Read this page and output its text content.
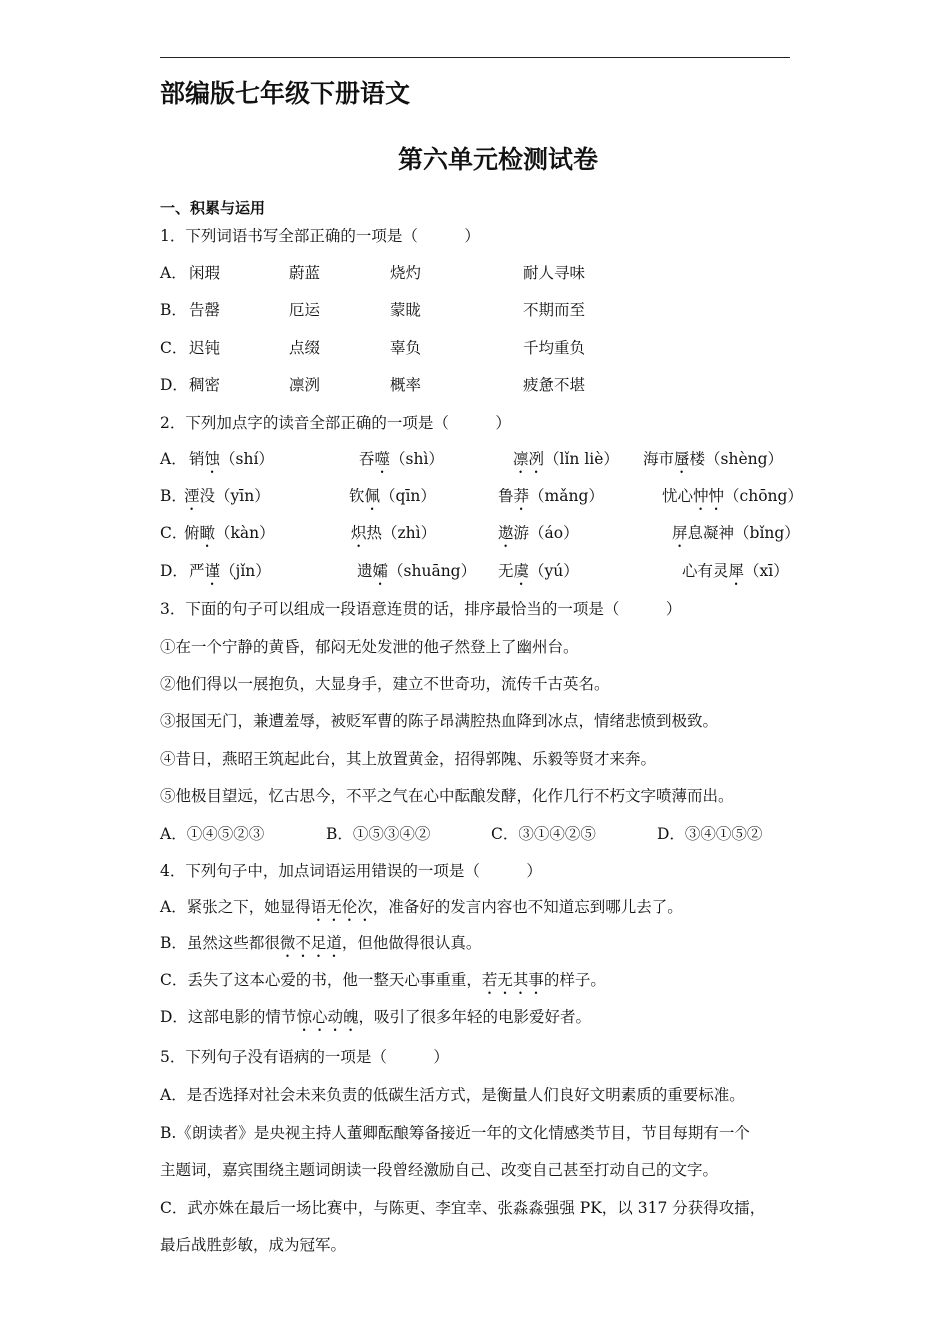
部编版七年级下册语文
第六单元检测试卷
一、积累与运用
1．下列词语书写全部正确的一项是（　　　）
A． 闲瑕	蔚蓝	烧灼	耐人寻味
B． 告罄	厄运	蒙眬	不期而至
C． 迟钝	点缀	辜负	千均重负
D． 稠密	凛洌	概率	疲惫不堪
2．下列加点字的读音全部正确的一项是（　　　）
A． 销蚀（shí）	吞噬（shì）	凛冽（lǐn liè） 海市蜃楼（shèng）
B．
湮没（yīn）	钦佩（qīn）	鲁莽（mǎng）	忧心忡忡（chōng）
C．
俯瞰（kàn）	炽热（zhì）	遨游（áo）	屏息凝神（bǐng）
D． 严谨（jǐn）	遗孀（shuāng） 无虞（yú）	心有灵犀（xī）
3．下面的句子可以组成一段语意连贯的话，排序最恰当的一项是（　　　）
①在一个宁静的黄昏，郁闷无处发泄的他孑然登上了幽州台。
②他们得以一展抱负，大显身手，建立不世奇功，流传千古英名。
③报国无门，兼遭羞辱，被贬军曹的陈子昂满腔热血降到冰点，情绪悲愤到极致。
④昔日，燕昭王筑起此台，其上放置黄金，招得郭隗、乐毅等贤才来奔。
⑤他极目望远，忆古思今，不平之气在心中酝酿发酵，化作几行不朽文字喷薄而出。
A．①④⑤②③	B．①⑤③④②	C．③①④②⑤	D．③④①⑤②
4．下列句子中，加点词语运用错误的一项是（　　　）
A．紧张之下，她显得语无伦次，准备好的发言内容也不知道忘到哪儿去了。
B．虽然这些都很微不足道，但他做得很认真。
C．丢失了这本心爱的书，他一整天心事重重，若无其事的样子。
D．这部电影的情节惊心动魄，吸引了很多年轻的电影爱好者。
5．下列句子没有语病的一项是（　　　）
A．是否选择对社会未来负责的低碳生活方式，是衡量人们良好文明素质的重要标准。
B.《朗读者》是央视主持人董卿酝酿筹备接近一年的文化情感类节目，节目每期有一个
主题词，嘉宾围绕主题词朗读一段曾经激励自己、改变自己甚至打动自己的文字。
C．武亦姝在最后一场比赛中，与陈更、李宜幸、张淼淼强强 PK，以 317 分获得攻擂，
最后战胜彭敏，成为冠军。
